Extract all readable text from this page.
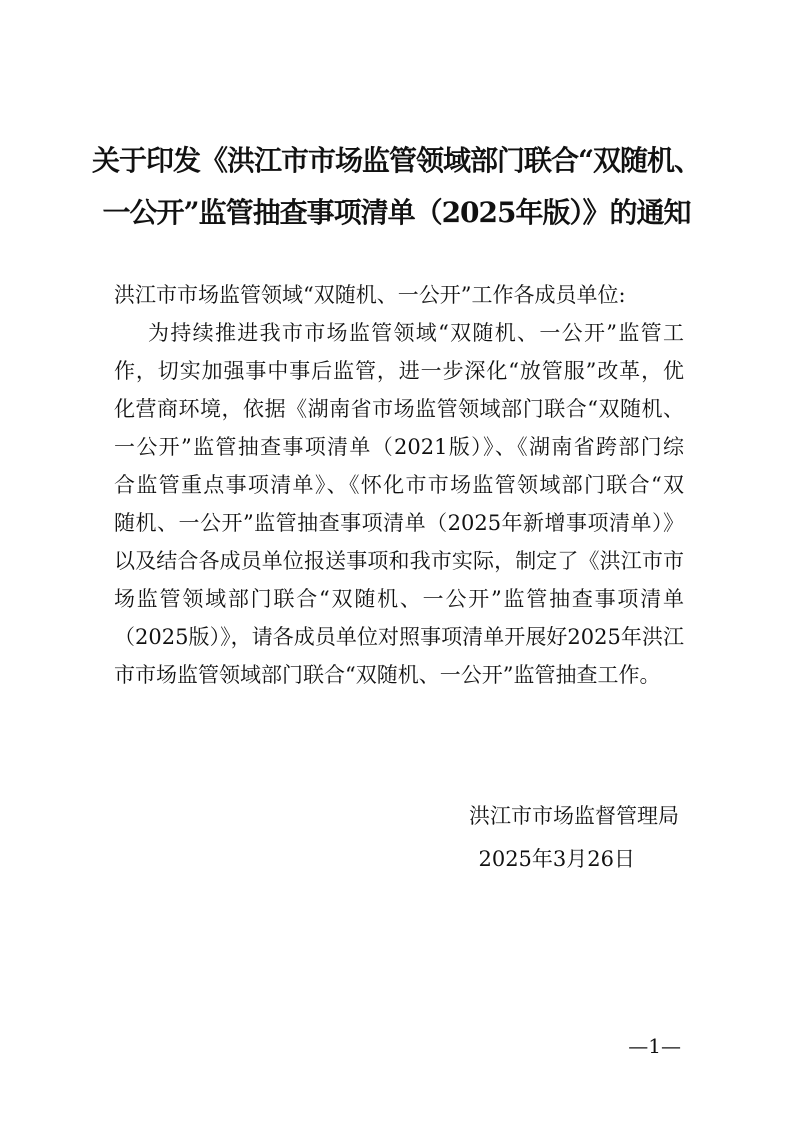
关于印发《洪江市市场监管领域部门联合“双随机、
一公开”监管抽查事项清单（2025年版）》的通知
洪江市市场监管领域“双随机、一公开”工作各成员单位:
为持续推进我市市场监管领域“双随机、一公开”监管工
作，切实加强事中事后监管，进一步深化“放管服”改革，优
化营商环境，依据《湖南省市场监管领域部门联合“双随机、
一公开”监管抽查事项清单（2021版）》、《湖南省跨部门综
合监管重点事项清单》、《怀化市市场监管领域部门联合“双
随机、一公开”监管抽查事项清单（2025年新增事项清单）》
以及结合各成员单位报送事项和我市实际，制定了《洪江市市
场监管领域部门联合“双随机、一公开”监管抽查事项清单
（2025版）》，请各成员单位对照事项清单开展好2025年洪江
市市场监管领域部门联合“双随机、一公开”监管抽查工作。
洪江市市场监督管理局
2025年3月26日
—1—
